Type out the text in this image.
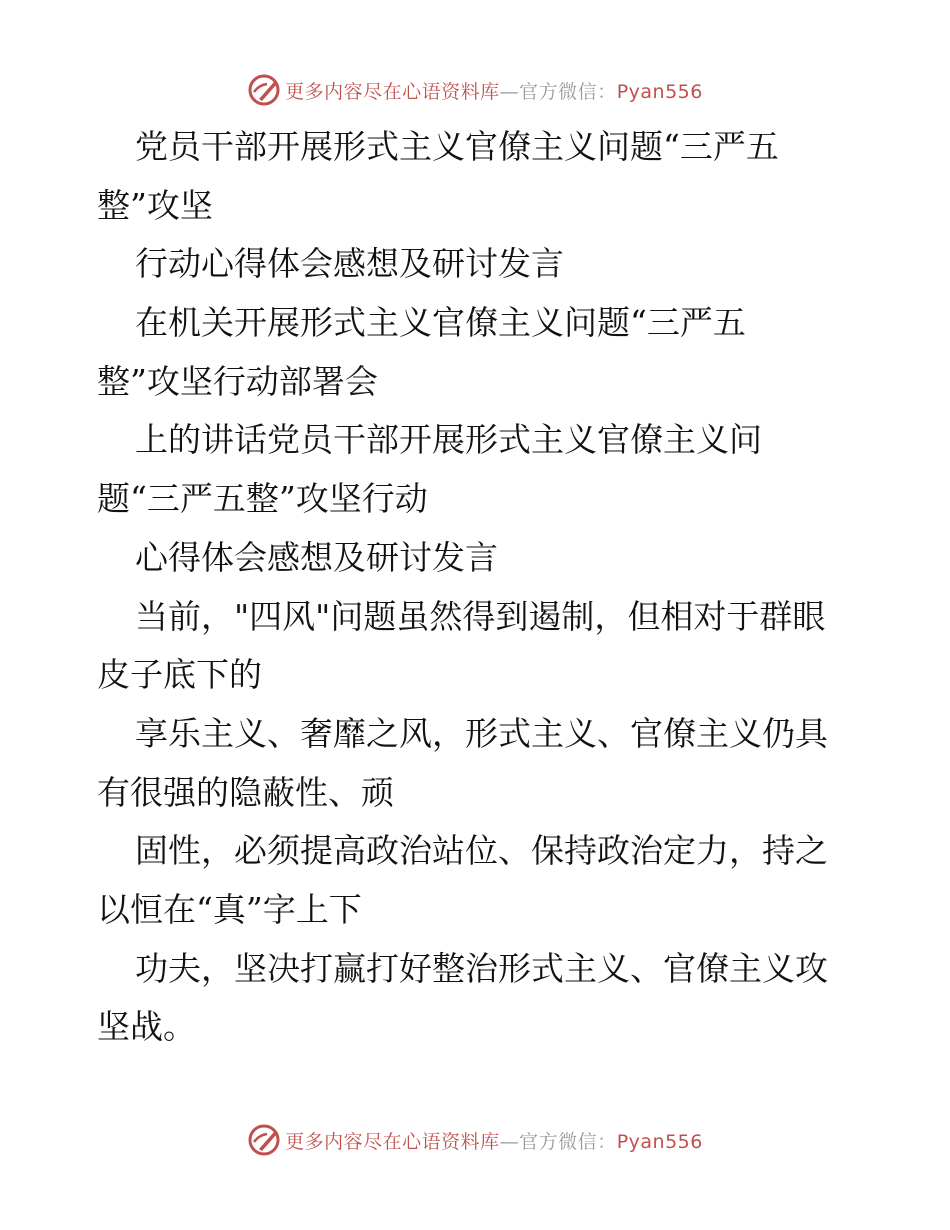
更多内容尽在心语资料库—官方微信：Pyan556
党员干部开展形式主义官僚主义问题“三严五
整”攻坚
行动心得体会感想及研讨发言
在机关开展形式主义官僚主义问题“三严五
整”攻坚行动部署会
上的讲话党员干部开展形式主义官僚主义问
题“三严五整”攻坚行动
心得体会感想及研讨发言
当前，"四风"问题虽然得到遏制，但相对于群眼
皮子底下的
享乐主义、奢靡之风，形式主义、官僚主义仍具
有很强的隐蔽性、顽
固性，必须提高政治站位、保持政治定力，持之
以恒在“真”字上下
功夫，坚决打赢打好整治形式主义、官僚主义攻
坚战。
更多内容尽在心语资料库—官方微信：Pyan556
